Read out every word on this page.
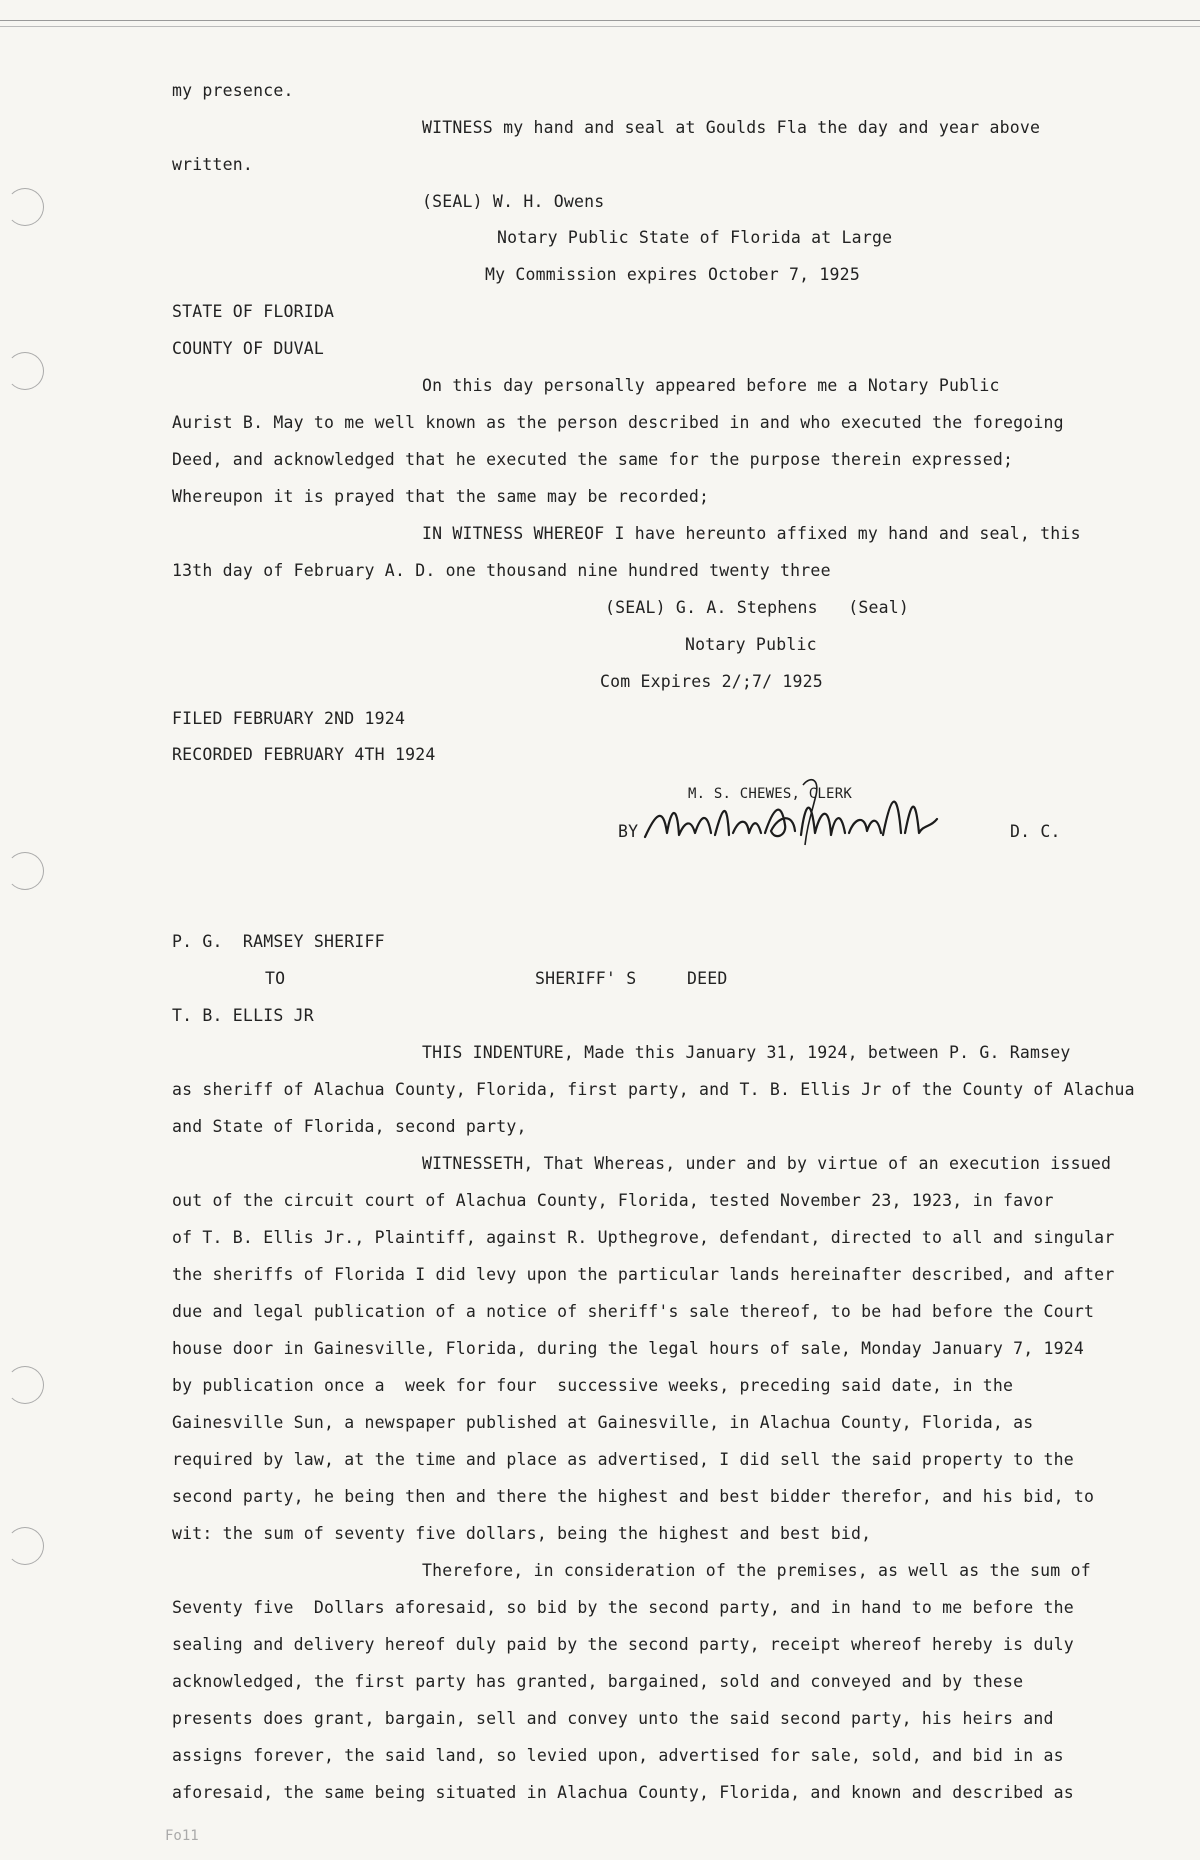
my presence.
WITNESS my hand and seal at Goulds Fla the day and year above
written.
(SEAL) W. H. Owens
Notary Public State of Florida at Large
My Commission expires October 7, 1925
STATE OF FLORIDA
COUNTY OF DUVAL
On this day personally appeared before me a Notary Public
Aurist B. May to me well known as the person described in and who executed the foregoing
Deed, and acknowledged that he executed the same for the purpose therein expressed;
Whereupon it is prayed that the same may be recorded;
IN WITNESS WHEREOF I have hereunto affixed my hand and seal, this
13th day of February A. D. one thousand nine hundred twenty three
(SEAL) G. A. Stephens   (Seal)
Notary Public
Com Expires 2/;7/ 1925
FILED FEBRUARY 2ND 1924
RECORDED FEBRUARY 4TH 1924
M. S. CHEWES, CLERK
BY	D. C.
P. G.  RAMSEY SHERIFF
TO	SHERIFF' S     DEED
T. B. ELLIS JR
THIS INDENTURE, Made this January 31, 1924, between P. G. Ramsey
as sheriff of Alachua County, Florida, first party, and T. B. Ellis Jr of the County of Alachua
and State of Florida, second party,
WITNESSETH, That Whereas, under and by virtue of an execution issued
out of the circuit court of Alachua County, Florida, tested November 23, 1923, in favor
of T. B. Ellis Jr., Plaintiff, against R. Upthegrove, defendant, directed to all and singular
the sheriffs of Florida I did levy upon the particular lands hereinafter described, and after
due and legal publication of a notice of sheriff's sale thereof, to be had before the Court
house door in Gainesville, Florida, during the legal hours of sale, Monday January 7, 1924
by publication once a  week for four  successive weeks, preceding said date, in the
Gainesville Sun, a newspaper published at Gainesville, in Alachua County, Florida, as
required by law, at the time and place as advertised, I did sell the said property to the
second party, he being then and there the highest and best bidder therefor, and his bid, to
wit: the sum of seventy five dollars, being the highest and best bid,
Therefore, in consideration of the premises, as well as the sum of
Seventy five  Dollars aforesaid, so bid by the second party, and in hand to me before the
sealing and delivery hereof duly paid by the second party, receipt whereof hereby is duly
acknowledged, the first party has granted, bargained, sold and conveyed and by these
presents does grant, bargain, sell and convey unto the said second party, his heirs and
assigns forever, the said land, so levied upon, advertised for sale, sold, and bid in as
aforesaid, the same being situated in Alachua County, Florida, and known and described as
Fo11
